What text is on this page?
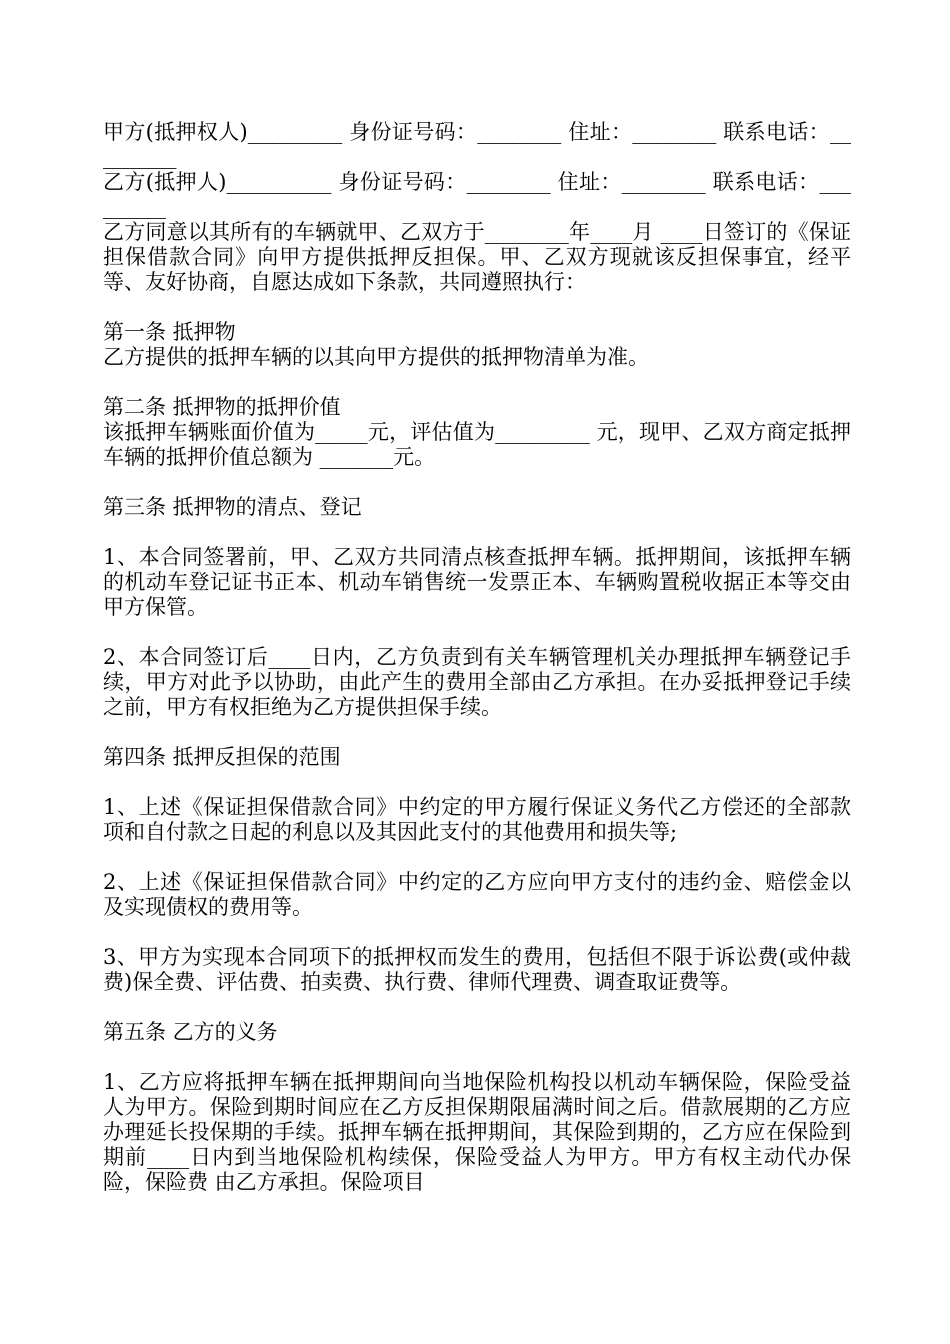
甲方(抵押权人)_________ 身份证号码：________ 住址：________ 联系电话：_________

乙方(抵押人)__________ 身份证号码：________ 住址：________ 联系电话：_________

乙方同意以其所有的车辆就甲、乙双方于________年____月 ____日签订的《保证担保借款合同》向甲方提供抵押反担保。甲、乙双方现就该反担保事宜，经平等、友好协商，自愿达成如下条款，共同遵照执行：

第一条 抵押物

乙方提供的抵押车辆的以其向甲方提供的抵押物清单为准。

第二条 抵押物的抵押价值

该抵押车辆账面价值为_____元，评估值为_________ 元，现甲、乙双方商定抵押车辆的抵押价值总额为 _______元。

第三条 抵押物的清点、登记

1、本合同签署前，甲、乙双方共同清点核查抵押车辆。抵押期间，该抵押车辆的机动车登记证书正本、机动车销售统一发票正本、车辆购置税收据正本等交由甲方保管。

2、本合同签订后____日内，乙方负责到有关车辆管理机关办理抵押车辆登记手续，甲方对此予以协助，由此产生的费用全部由乙方承担。在办妥抵押登记手续之前，甲方有权拒绝为乙方提供担保手续。

第四条 抵押反担保的范围

1、上述《保证担保借款合同》中约定的甲方履行保证义务代乙方偿还的全部款项和自付款之日起的利息以及其因此支付的其他费用和损失等;

2、上述《保证担保借款合同》中约定的乙方应向甲方支付的违约金、赔偿金以及实现债权的费用等。

3、甲方为实现本合同项下的抵押权而发生的费用，包括但不限于诉讼费(或仲裁费)保全费、评估费、拍卖费、执行费、律师代理费、调查取证费等。

第五条 乙方的义务

1、乙方应将抵押车辆在抵押期间向当地保险机构投以机动车辆保险，保险受益人为甲方。保险到期时间应在乙方反担保期限届满时间之后。借款展期的乙方应办理延长投保期的手续。抵押车辆在抵押期间，其保险到期的，乙方应在保险到期前____日内到当地保险机构续保，保险受益人为甲方。甲方有权主动代办保险，保险费 由乙方承担。保险项目
